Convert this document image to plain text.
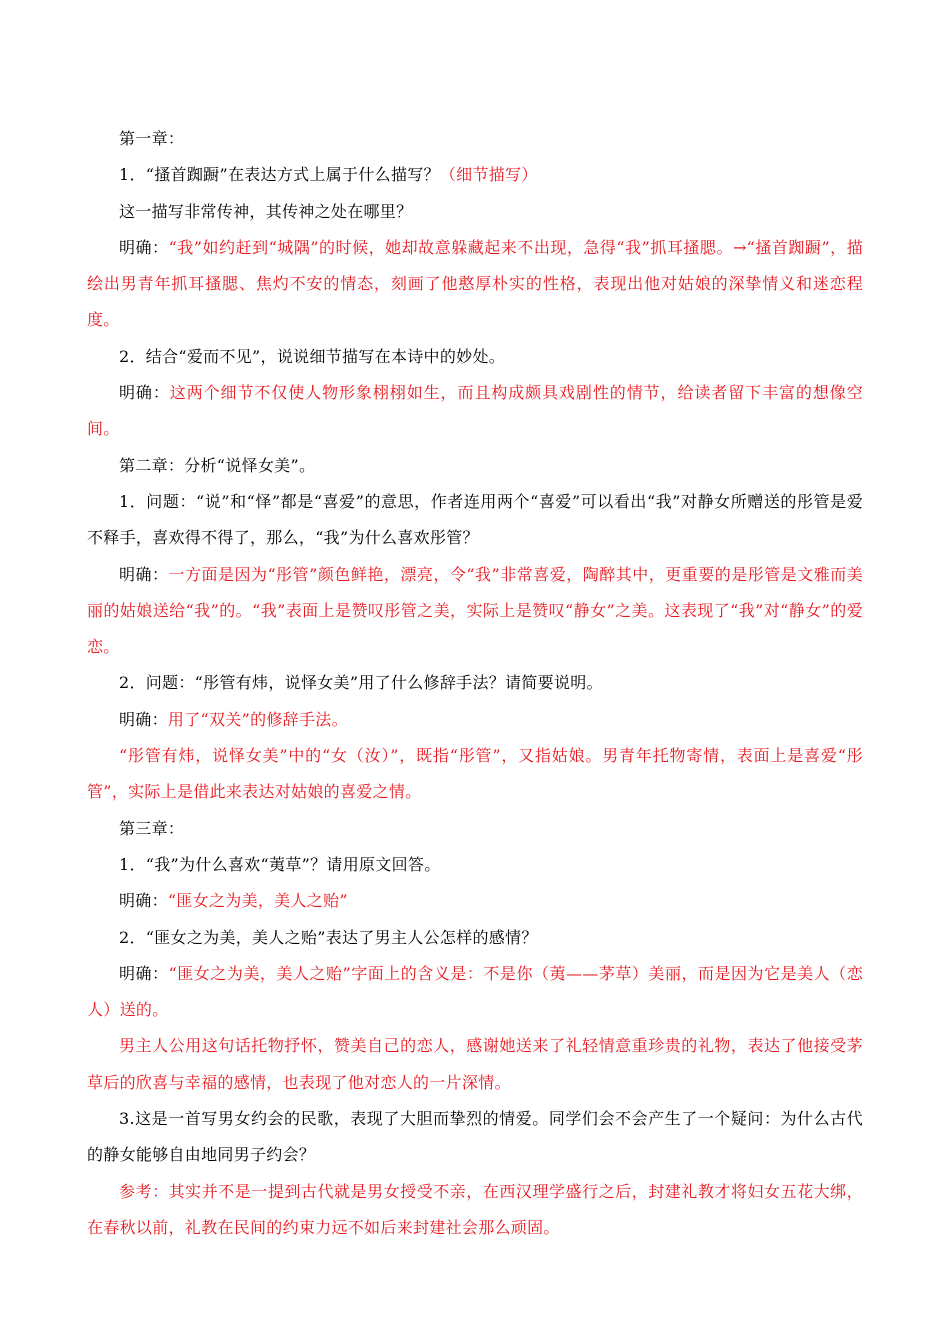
第一章：

1．“搔首踟蹰”在表达方式上属于什么描写？（细节描写）

这一描写非常传神，其传神之处在哪里？

明确：“我”如约赶到“城隅”的时候，她却故意躲藏起来不出现，急得“我”抓耳搔腮。→“搔首踟蹰”，描绘出男青年抓耳搔腮、焦灼不安的情态，刻画了他憨厚朴实的性格，表现出他对姑娘的深挚情义和迷恋程度。

2．结合“爱而不见”，说说细节描写在本诗中的妙处。

明确：这两个细节不仅使人物形象栩栩如生，而且构成颇具戏剧性的情节，给读者留下丰富的想像空间。

第二章：分析“说怿女美”。

1．问题：“说”和“怿”都是“喜爱”的意思，作者连用两个“喜爱”可以看出“我”对静女所赠送的彤管是爱不释手，喜欢得不得了，那么，“我”为什么喜欢彤管？

明确：一方面是因为“彤管”颜色鲜艳，漂亮，令“我”非常喜爱，陶醉其中，更重要的是彤管是文雅而美丽的姑娘送给“我”的。“我”表面上是赞叹彤管之美，实际上是赞叹“静女”之美。这表现了“我”对“静女”的爱恋。

2．问题：“彤管有炜，说怿女美”用了什么修辞手法？请简要说明。

明确：用了“双关”的修辞手法。

“彤管有炜，说怿女美”中的“女（汝）”，既指“彤管”，又指姑娘。男青年托物寄情，表面上是喜爱“彤管”，实际上是借此来表达对姑娘的喜爱之情。

第三章：

1．“我”为什么喜欢“荑草”？请用原文回答。

明确：“匪女之为美，美人之贻”

2．“匪女之为美，美人之贻”表达了男主人公怎样的感情？

明确：“匪女之为美，美人之贻”字面上的含义是：不是你（荑——茅草）美丽，而是因为它是美人（恋人）送的。

男主人公用这句话托物抒怀，赞美自己的恋人，感谢她送来了礼轻情意重珍贵的礼物，表达了他接受茅草后的欣喜与幸福的感情，也表现了他对恋人的一片深情。

3.这是一首写男女约会的民歌，表现了大胆而挚烈的情爱。同学们会不会产生了一个疑问：为什么古代的静女能够自由地同男子约会？

参考：其实并不是一提到古代就是男女授受不亲，在西汉理学盛行之后，封建礼教才将妇女五花大绑，在春秋以前，礼教在民间的约束力远不如后来封建社会那么顽固。
